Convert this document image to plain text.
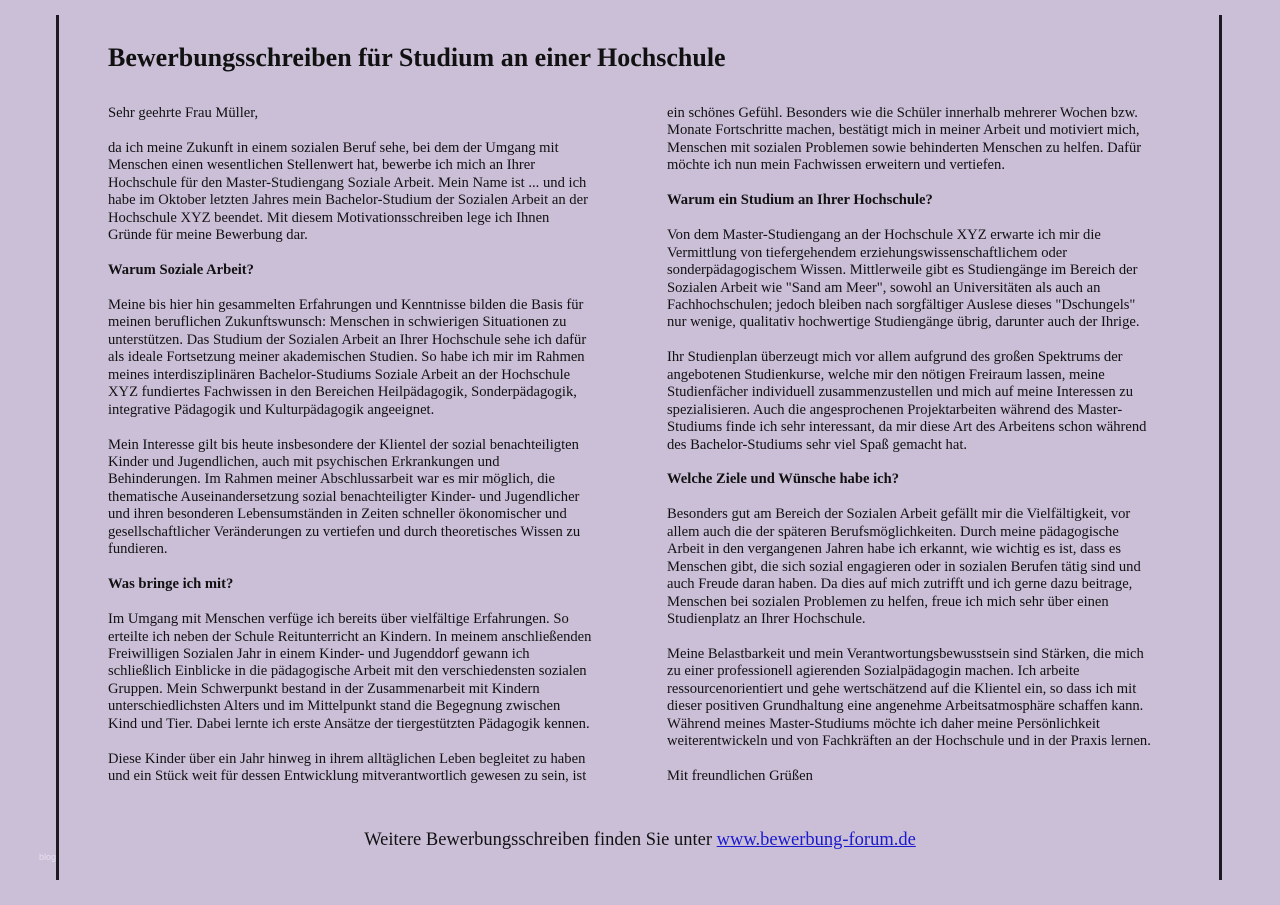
Bewerbungsschreiben für Studium an einer Hochschule
Sehr geehrte Frau Müller,
da ich meine Zukunft in einem sozialen Beruf sehe, bei dem der Umgang mit
Menschen einen wesentlichen Stellenwert hat, bewerbe ich mich an Ihrer
Hochschule für den Master-Studiengang Soziale Arbeit. Mein Name ist ... und ich
habe im Oktober letzten Jahres mein Bachelor-Studium der Sozialen Arbeit an der
Hochschule XYZ beendet. Mit diesem Motivationsschreiben lege ich Ihnen
Gründe für meine Bewerbung dar.
Warum Soziale Arbeit?
Meine bis hier hin gesammelten Erfahrungen und Kenntnisse bilden die Basis für
meinen beruflichen Zukunftswunsch: Menschen in schwierigen Situationen zu
unterstützen. Das Studium der Sozialen Arbeit an Ihrer Hochschule sehe ich dafür
als ideale Fortsetzung meiner akademischen Studien. So habe ich mir im Rahmen
meines interdisziplinären Bachelor-Studiums Soziale Arbeit an der Hochschule
XYZ fundiertes Fachwissen in den Bereichen Heilpädagogik, Sonderpädagogik,
integrative Pädagogik und Kulturpädagogik angeeignet.
Mein Interesse gilt bis heute insbesondere der Klientel der sozial benachteiligten
Kinder und Jugendlichen, auch mit psychischen Erkrankungen und
Behinderungen. Im Rahmen meiner Abschlussarbeit war es mir möglich, die
thematische Auseinandersetzung sozial benachteiligter Kinder- und Jugendlicher
und ihren besonderen Lebensumständen in Zeiten schneller ökonomischer und
gesellschaftlicher Veränderungen zu vertiefen und durch theoretisches Wissen zu
fundieren.
Was bringe ich mit?
Im Umgang mit Menschen verfüge ich bereits über vielfältige Erfahrungen. So
erteilte ich neben der Schule Reitunterricht an Kindern. In meinem anschließenden
Freiwilligen Sozialen Jahr in einem Kinder- und Jugenddorf gewann ich
schließlich Einblicke in die pädagogische Arbeit mit den verschiedensten sozialen
Gruppen. Mein Schwerpunkt bestand in der Zusammenarbeit mit Kindern
unterschiedlichsten Alters und im Mittelpunkt stand die Begegnung zwischen
Kind und Tier. Dabei lernte ich erste Ansätze der tiergestützten Pädagogik kennen.
Diese Kinder über ein Jahr hinweg in ihrem alltäglichen Leben begleitet zu haben
und ein Stück weit für dessen Entwicklung mitverantwortlich gewesen zu sein, ist
ein schönes Gefühl. Besonders wie die Schüler innerhalb mehrerer Wochen bzw.
Monate Fortschritte machen, bestätigt mich in meiner Arbeit und motiviert mich,
Menschen mit sozialen Problemen sowie behinderten Menschen zu helfen. Dafür
möchte ich nun mein Fachwissen erweitern und vertiefen.
Warum ein Studium an Ihrer Hochschule?
Von dem Master-Studiengang an der Hochschule XYZ erwarte ich mir die
Vermittlung von tiefergehendem erziehungswissenschaftlichem oder
sonderpädagogischem Wissen. Mittlerweile gibt es Studiengänge im Bereich der
Sozialen Arbeit wie "Sand am Meer", sowohl an Universitäten als auch an
Fachhochschulen; jedoch bleiben nach sorgfältiger Auslese dieses "Dschungels"
nur wenige, qualitativ hochwertige Studiengänge übrig, darunter auch der Ihrige.
Ihr Studienplan überzeugt mich vor allem aufgrund des großen Spektrums der
angebotenen Studienkurse, welche mir den nötigen Freiraum lassen, meine
Studienfächer individuell zusammenzustellen und mich auf meine Interessen zu
spezialisieren. Auch die angesprochenen Projektarbeiten während des Master-
Studiums finde ich sehr interessant, da mir diese Art des Arbeitens schon während
des Bachelor-Studiums sehr viel Spaß gemacht hat.
Welche Ziele und Wünsche habe ich?
Besonders gut am Bereich der Sozialen Arbeit gefällt mir die Vielfältigkeit, vor
allem auch die der späteren Berufsmöglichkeiten. Durch meine pädagogische
Arbeit in den vergangenen Jahren habe ich erkannt, wie wichtig es ist, dass es
Menschen gibt, die sich sozial engagieren oder in sozialen Berufen tätig sind und
auch Freude daran haben. Da dies auf mich zutrifft und ich gerne dazu beitrage,
Menschen bei sozialen Problemen zu helfen, freue ich mich sehr über einen
Studienplatz an Ihrer Hochschule.
Meine Belastbarkeit und mein Verantwortungsbewusstsein sind Stärken, die mich
zu einer professionell agierenden Sozialpädagogin machen. Ich arbeite
ressourcenorientiert und gehe wertschätzend auf die Klientel ein, so dass ich mit
dieser positiven Grundhaltung eine angenehme Arbeitsatmosphäre schaffen kann.
Während meines Master-Studiums möchte ich daher meine Persönlichkeit
weiterentwickeln und von Fachkräften an der Hochschule und in der Praxis lernen.
Mit freundlichen Grüßen
Weitere Bewerbungsschreiben finden Sie unter www.bewerbung-forum.de
blog
